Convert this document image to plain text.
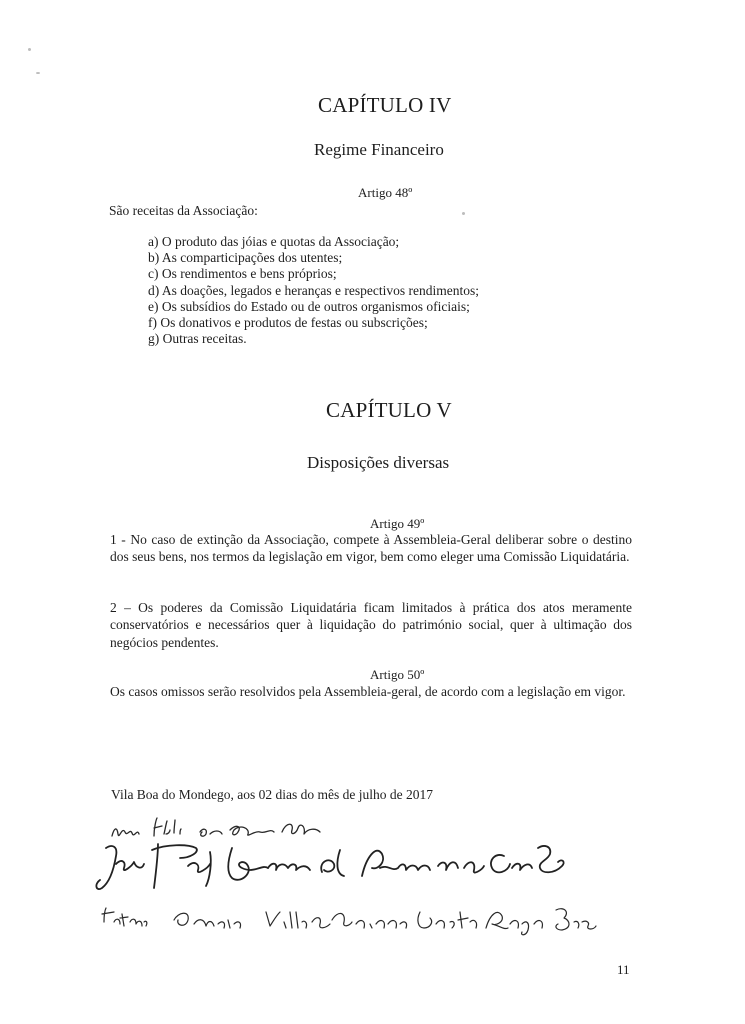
CAPÍTULO IV
Regime Financeiro
Artigo 48º
São receitas da Associação:
a) O produto das jóias e quotas da Associação;
b) As comparticipações dos utentes;
c) Os rendimentos e bens próprios;
d) As doações, legados e heranças e respectivos rendimentos;
e) Os subsídios do Estado ou de outros organismos oficiais;
f) Os donativos e produtos de festas ou subscrições;
g) Outras receitas.
CAPÍTULO V
Disposições diversas
Artigo 49º
1 - No caso de extinção da Associação, compete à Assembleia-Geral deliberar sobre o destino dos seus bens, nos termos da legislação em vigor, bem como eleger uma Comissão Liquidatária.
2 – Os poderes da Comissão Liquidatária ficam limitados à prática dos atos meramente conservatórios e necessários quer à liquidação do património social, quer à ultimação dos negócios pendentes.
Artigo 50º
Os casos omissos serão resolvidos pela Assembleia-geral, de acordo com a legislação em vigor.
Vila Boa do Mondego, aos 02 dias do mês de julho de 2017
11
